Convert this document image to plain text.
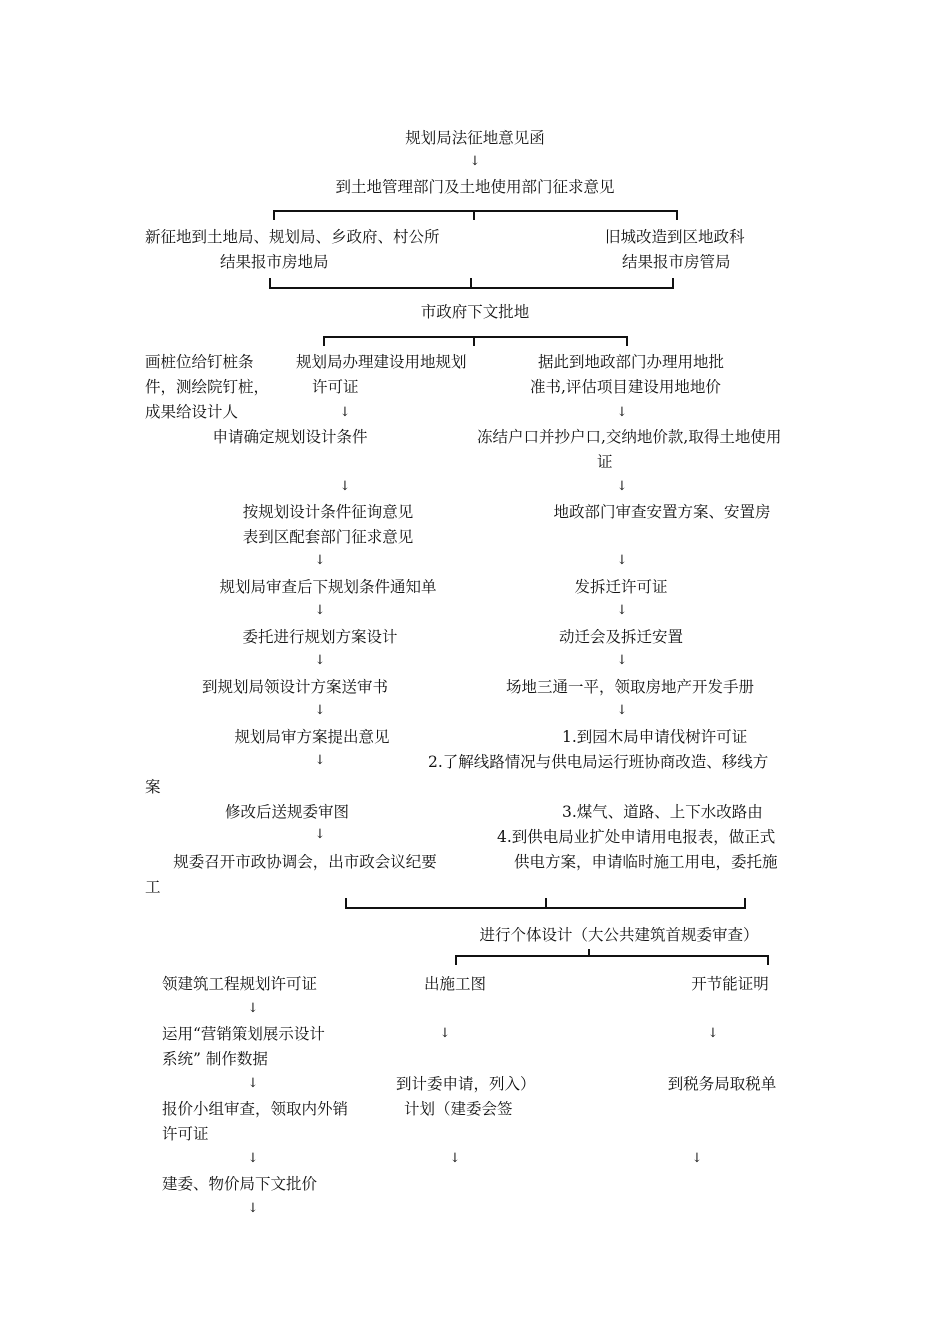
规划局法征地意见函
↓
到土地管理部门及土地使用部门征求意见
新征地到土地局、规划局、乡政府、村公所
结果报市房地局
旧城改造到区地政科
结果报市房管局
市政府下文批地
画桩位给钉桩条
件，测绘院钉桩，
成果给设计人
规划局办理建设用地规划
许可证
↓
申请确定规划设计条件
↓
按规划设计条件征询意见
表到区配套部门征求意见
↓
规划局审查后下规划条件通知单
↓
委托进行规划方案设计
↓
到规划局领设计方案送审书
↓
规划局审方案提出意见
↓
修改后送规委审图
↓
规委召开市政协调会，出市政会议纪要
据此到地政部门办理用地批
准书,评估项目建设用地地价
↓
冻结户口并抄户口,交纳地价款,取得土地使用
证
↓
地政部门审查安置方案、安置房
↓
发拆迁许可证
↓
动迁会及拆迁安置
↓
场地三通一平，领取房地产开发手册
↓
1.到园木局申请伐树许可证
2.了解线路情况与供电局运行班协商改造、移线方
3.煤气、道路、上下水改路由
4.到供电局业扩处申请用电报表，做正式
供电方案，申请临时施工用电，委托施
案
工
进行个体设计（大公共建筑首规委审查）
领建筑工程规划许可证
↓
运用“营销策划展示设计
系统” 制作数据
↓
报价小组审查，领取内外销
许可证
↓
建委、物价局下文批价
↓
出施工图
↓
到计委申请，列入）
计划（建委会签
↓
开节能证明
↓
到税务局取税单
↓
